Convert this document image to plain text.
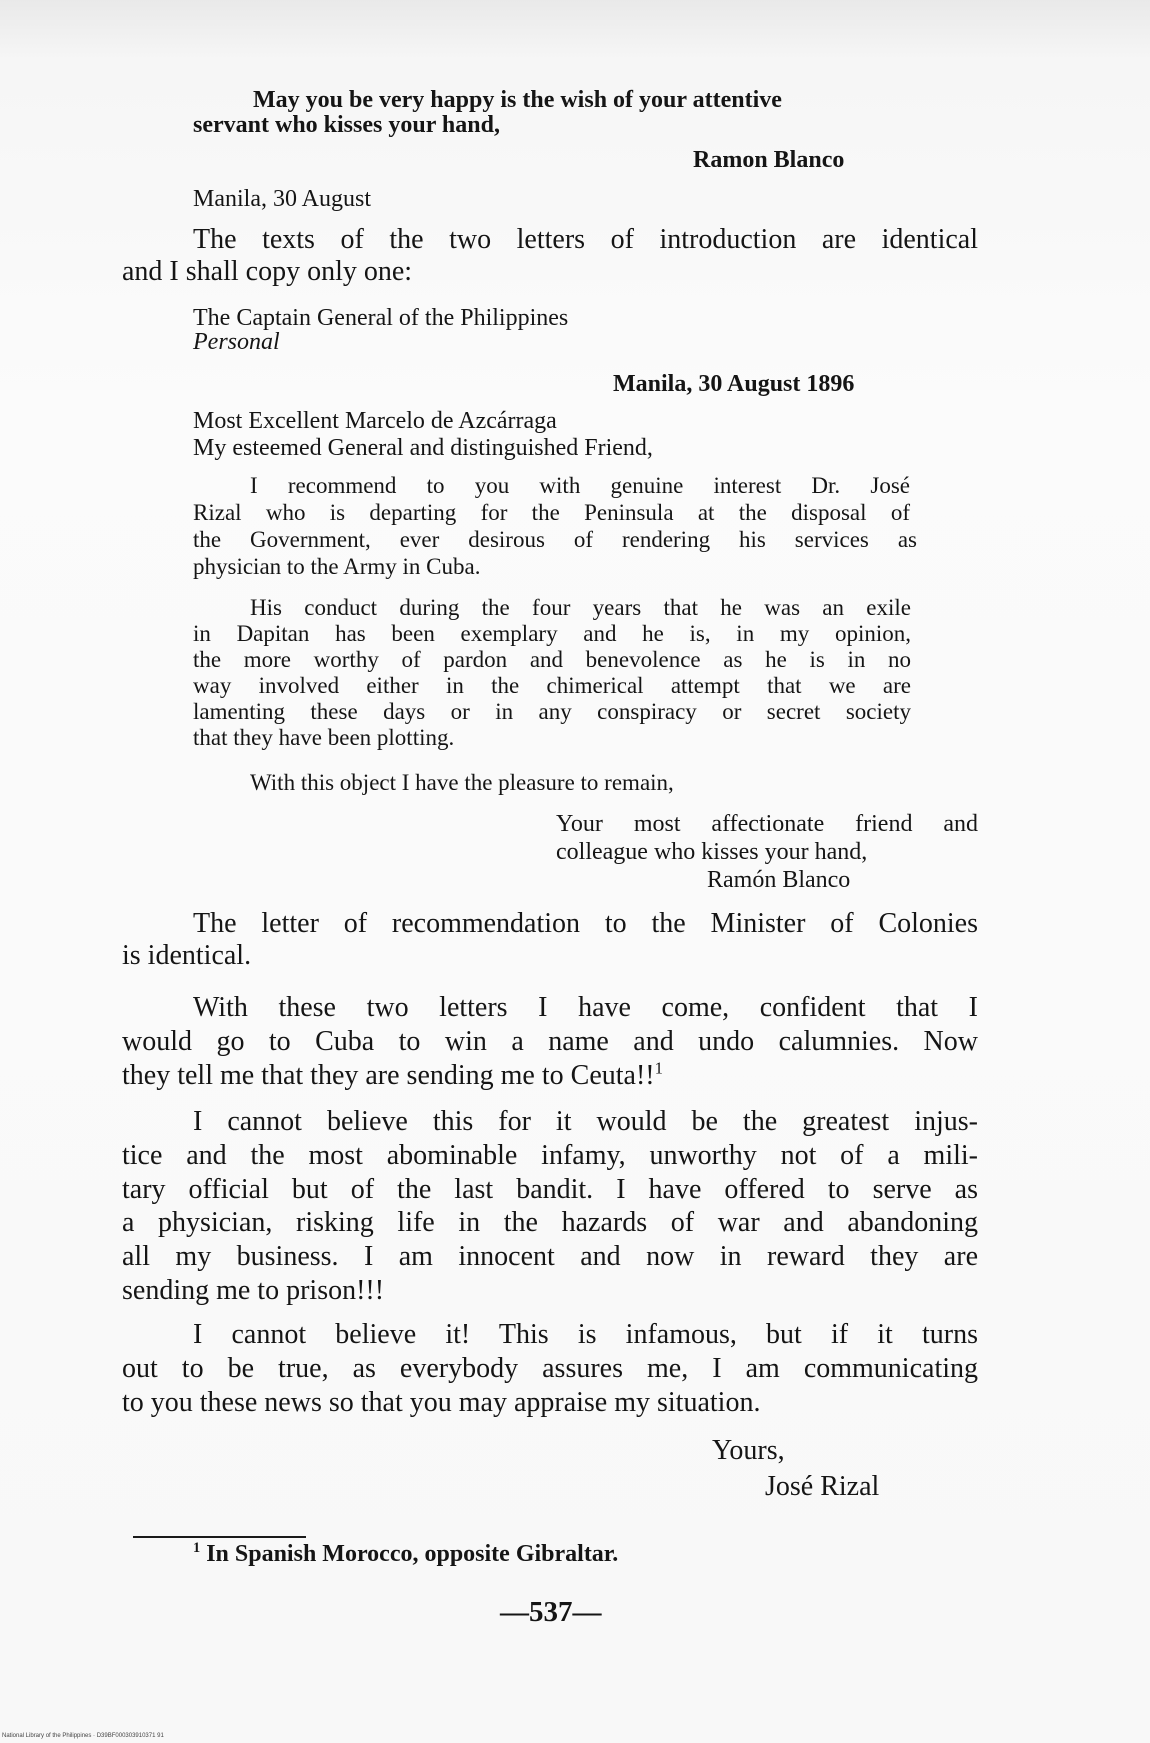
May you be very happy is the wish of your attentive
servant who kisses your hand,
Ramon Blanco
Manila, 30 August
The texts of the two letters of introduction are identical
and I shall copy only one:
The Captain General of the Philippines
Personal
Manila, 30 August 1896
Most Excellent Marcelo de Azcárraga
My esteemed General and distinguished Friend,
I recommend to you with genuine interest Dr. José
Rizal who is departing for the Peninsula at the disposal of
the Government, ever desirous of rendering his services as
physician to the Army in Cuba.
His conduct during the four years that he was an exile
in Dapitan has been exemplary and he is, in my opinion,
the more worthy of pardon and benevolence as he is in no
way involved either in the chimerical attempt that we are
lamenting these days or in any conspiracy or secret society
that they have been plotting.
With this object I have the pleasure to remain,
Your most affectionate friend and
colleague who kisses your hand,
Ramón Blanco
The letter of recommendation to the Minister of Colonies
is identical.
With these two letters I have come, confident that I
would go to Cuba to win a name and undo calumnies. Now
they tell me that they are sending me to Ceuta!!$^1$
I cannot believe this for it would be the greatest injus-
tice and the most abominable infamy, unworthy not of a mili-
tary official but of the last bandit. I have offered to serve as
a physician, risking life in the hazards of war and abandoning
all my business. I am innocent and now in reward they are
sending me to prison!!!
I cannot believe it! This is infamous, but if it turns
out to be true, as everybody assures me, I am communicating
to you these news so that you may appraise my situation.
Yours,
José Rizal
$^1$ In Spanish Morocco, opposite Gibraltar.
—537—
National Library of the Philippines · D39BF000303910371 91
